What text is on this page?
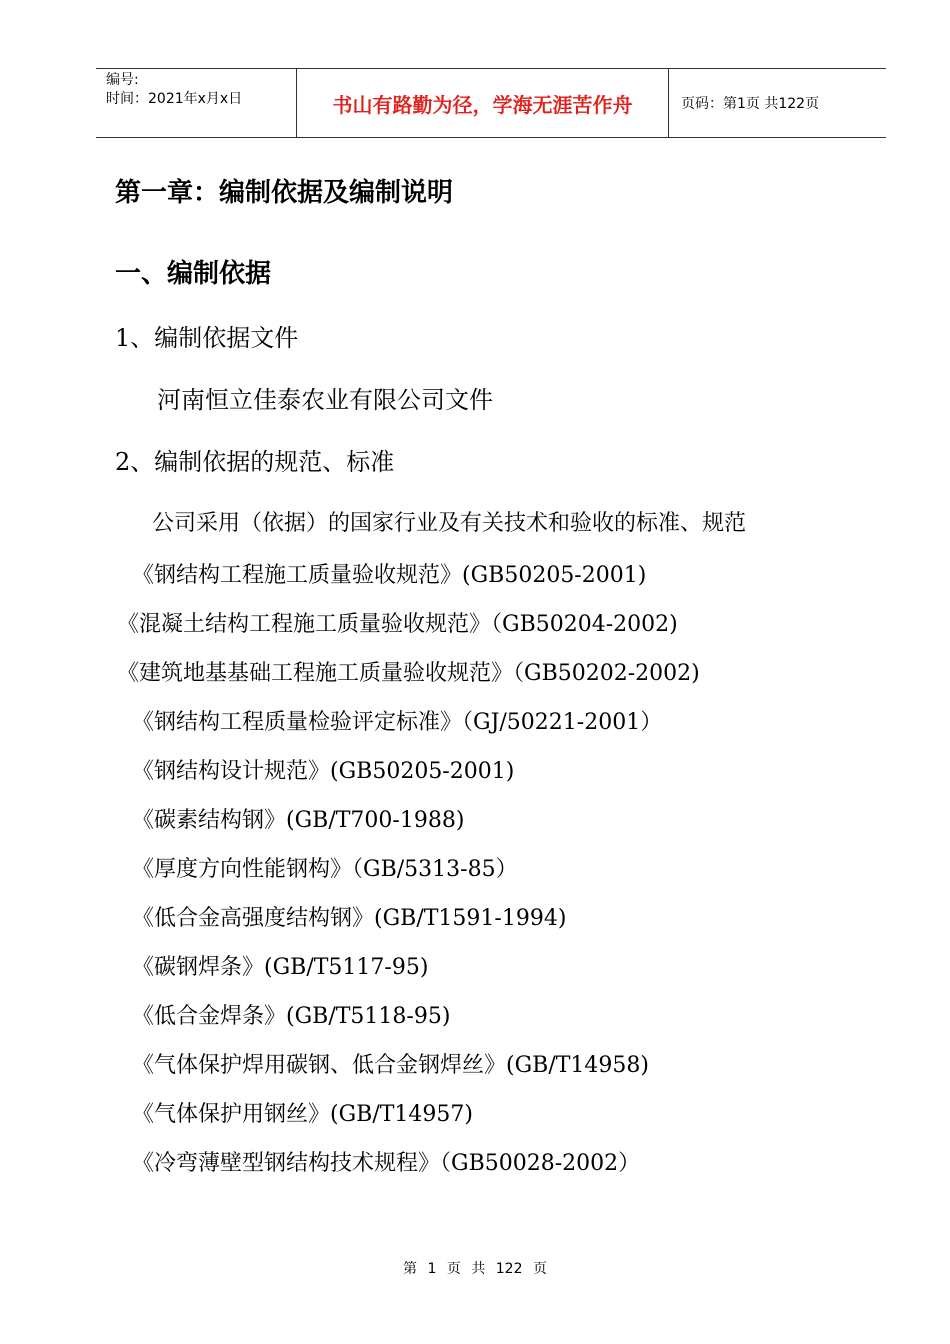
编号:
时间：2021年x月x日	书山有路勤为径，学海无涯苦作舟	页码：第1页 共122页
第一章：编制依据及编制说明
一、编制依据
1、编制依据文件
河南恒立佳泰农业有限公司文件
2、编制依据的规范、标准
公司采用（依据）的国家行业及有关技术和验收的标准、规范
《钢结构工程施工质量验收规范》(GB50205-2001)
《混凝土结构工程施工质量验收规范》（GB50204-2002)
《建筑地基基础工程施工质量验收规范》（GB50202-2002)
《钢结构工程质量检验评定标准》（GJ/50221-2001）
《钢结构设计规范》(GB50205-2001)
《碳素结构钢》(GB/T700-1988)
《厚度方向性能钢构》（GB/5313-85）
《低合金高强度结构钢》(GB/T1591-1994)
《碳钢焊条》(GB/T5117-95)
《低合金焊条》(GB/T5118-95)
《气体保护焊用碳钢、低合金钢焊丝》(GB/T14958)
《气体保护用钢丝》(GB/T14957)
《冷弯薄壁型钢结构技术规程》（GB50028-2002）
第 1 页 共 122 页
